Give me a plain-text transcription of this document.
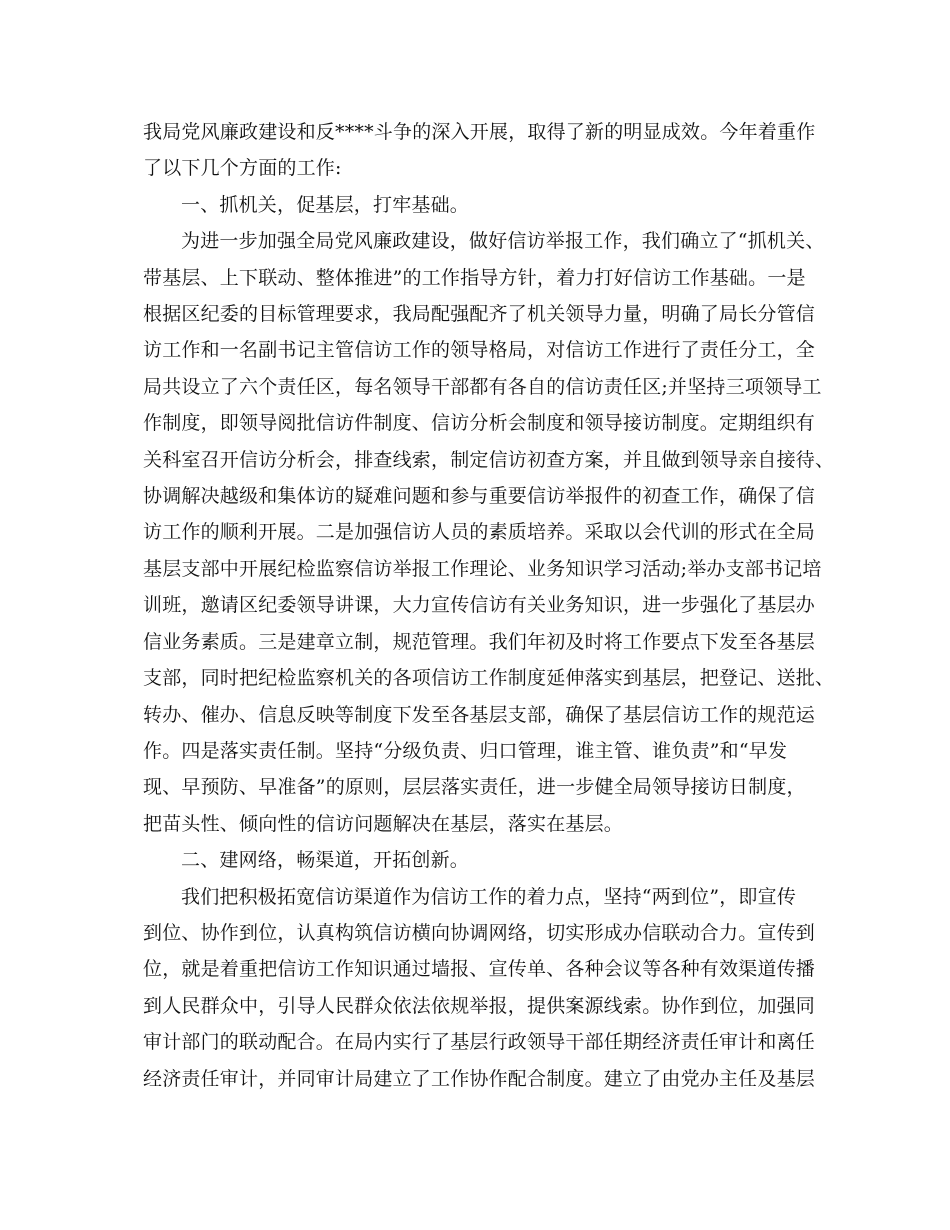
我局党风廉政建设和反****斗争的深入开展，取得了新的明显成效。今年着重作
了以下几个方面的工作:
一、抓机关，促基层，打牢基础。
为进一步加强全局党风廉政建设，做好信访举报工作，我们确立了“抓机关、
带基层、上下联动、整体推进”的工作指导方针，着力打好信访工作基础。一是
根据区纪委的目标管理要求，我局配强配齐了机关领导力量，明确了局长分管信
访工作和一名副书记主管信访工作的领导格局，对信访工作进行了责任分工，全
局共设立了六个责任区，每名领导干部都有各自的信访责任区;并坚持三项领导工
作制度，即领导阅批信访件制度、信访分析会制度和领导接访制度。定期组织有
关科室召开信访分析会，排查线索，制定信访初查方案，并且做到领导亲自接待、
协调解决越级和集体访的疑难问题和参与重要信访举报件的初查工作，确保了信
访工作的顺利开展。二是加强信访人员的素质培养。采取以会代训的形式在全局
基层支部中开展纪检监察信访举报工作理论、业务知识学习活动;举办支部书记培
训班，邀请区纪委领导讲课，大力宣传信访有关业务知识，进一步强化了基层办
信业务素质。三是建章立制，规范管理。我们年初及时将工作要点下发至各基层
支部，同时把纪检监察机关的各项信访工作制度延伸落实到基层，把登记、送批、
转办、催办、信息反映等制度下发至各基层支部，确保了基层信访工作的规范运
作。四是落实责任制。坚持“分级负责、归口管理，谁主管、谁负责”和“早发
现、早预防、早准备”的原则，层层落实责任，进一步健全局领导接访日制度，
把苗头性、倾向性的信访问题解决在基层，落实在基层。
二、建网络，畅渠道，开拓创新。
我们把积极拓宽信访渠道作为信访工作的着力点，坚持“两到位”，即宣传
到位、协作到位，认真构筑信访横向协调网络，切实形成办信联动合力。宣传到
位，就是着重把信访工作知识通过墙报、宣传单、各种会议等各种有效渠道传播
到人民群众中，引导人民群众依法依规举报，提供案源线索。协作到位，加强同
审计部门的联动配合。在局内实行了基层行政领导干部任期经济责任审计和离任
经济责任审计，并同审计局建立了工作协作配合制度。建立了由党办主任及基层
